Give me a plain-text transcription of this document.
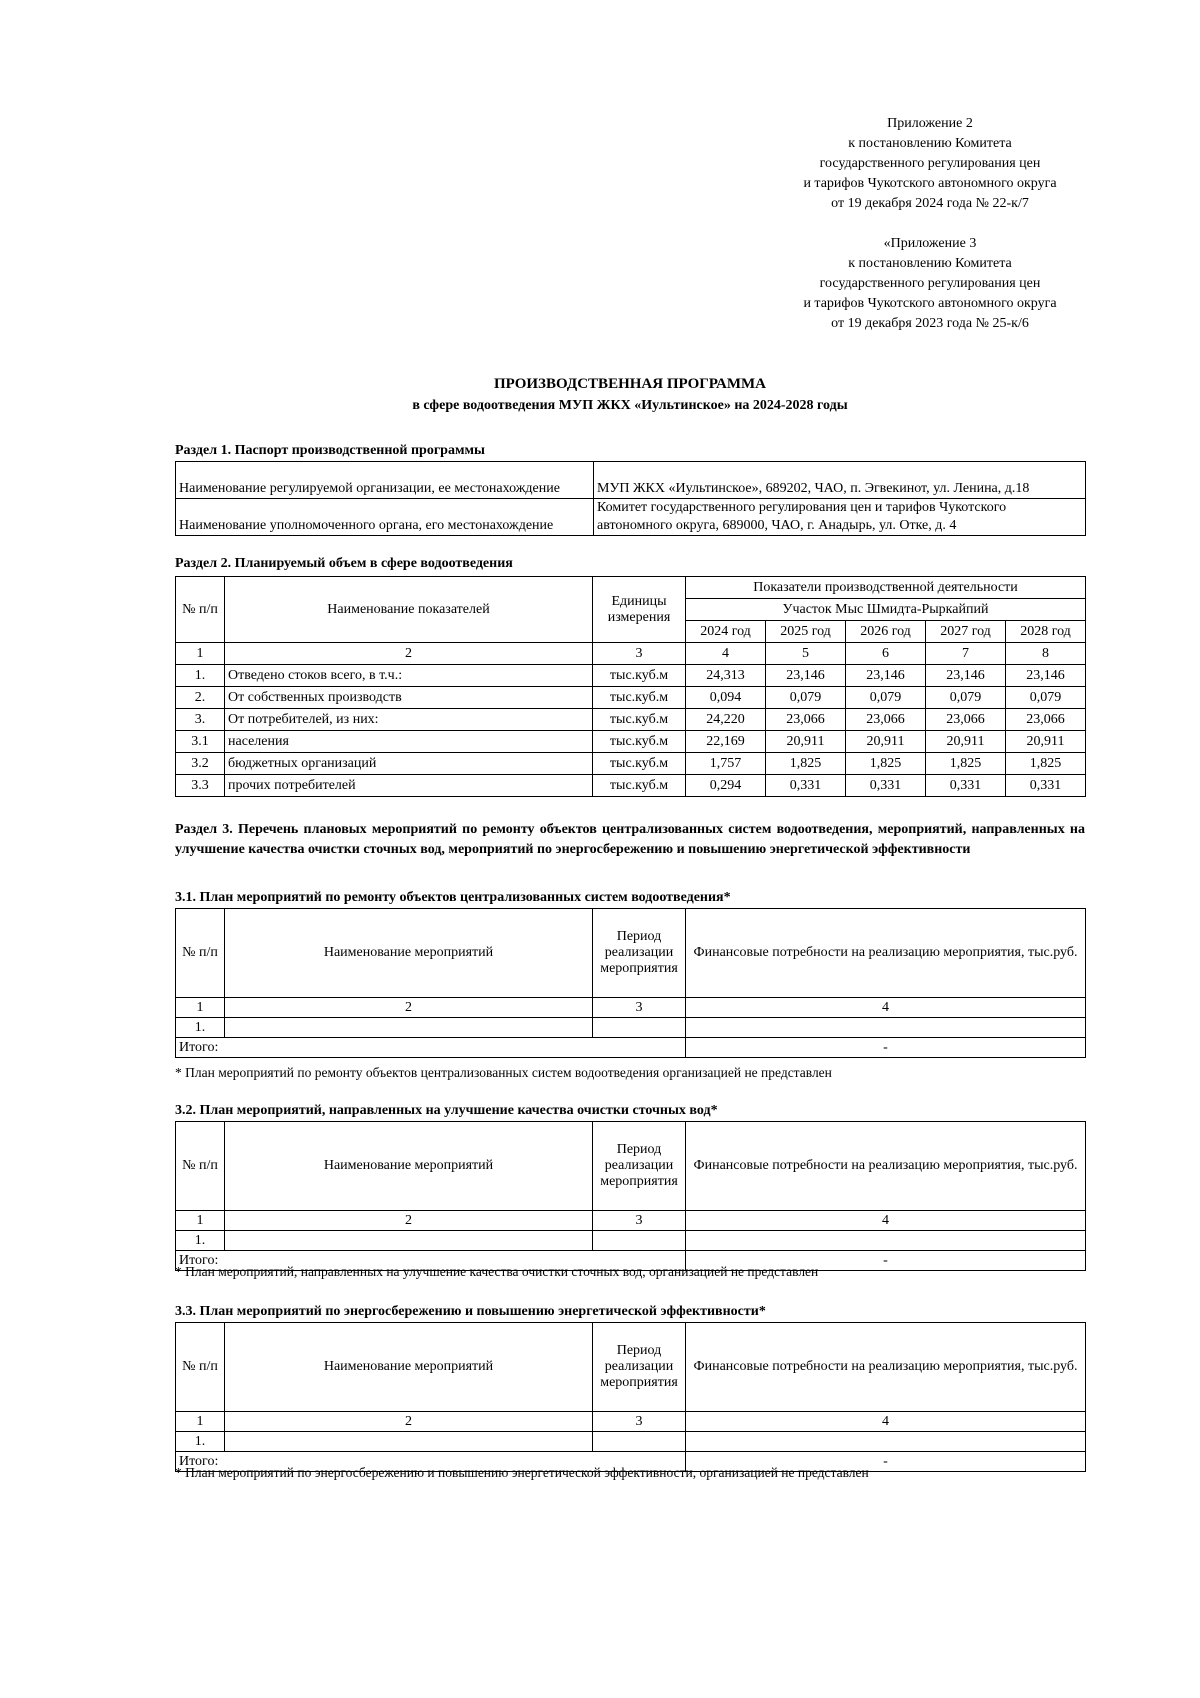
Приложение 2
к постановлению Комитета
государственного регулирования цен
и тарифов Чукотского автономного округа
от 19 декабря 2024 года № 22-к/7
«Приложение 3
к постановлению Комитета
государственного регулирования цен
и тарифов Чукотского автономного округа
от 19 декабря 2023 года № 25-к/6
ПРОИЗВОДСТВЕННАЯ ПРОГРАММА
в сфере водоотведения МУП ЖКХ «Иультинское» на 2024-2028 годы
Раздел 1. Паспорт производственной программы
Наименование регулируемой организации, ее местонахождение	МУП ЖКХ «Иультинское», 689202, ЧАО, п. Эгвекинот, ул. Ленина, д.18
Наименование уполномоченного органа, его местонахождение	Комитет государственного регулирования цен и тарифов Чукотского автономного округа, 689000, ЧАО, г. Анадырь, ул. Отке, д. 4
Раздел 2. Планируемый объем в сфере водоотведения
№ п/п	Наименование показателей	Единицы измерения	Показатели производственной деятельности				
			Участок Мыс Шмидта-Рыркайпий				
			2024 год	2025 год	2026 год	2027 год	2028 год
1	2	3	4	5	6	7	8
1.	Отведено стоков всего, в т.ч.:	тыс.куб.м	24,313	23,146	23,146	23,146	23,146
2.	От собственных производств	тыс.куб.м	0,094	0,079	0,079	0,079	0,079
3.	От потребителей, из них:	тыс.куб.м	24,220	23,066	23,066	23,066	23,066
3.1	населения	тыс.куб.м	22,169	20,911	20,911	20,911	20,911
3.2	бюджетных организаций	тыс.куб.м	1,757	1,825	1,825	1,825	1,825
3.3	прочих потребителей	тыс.куб.м	0,294	0,331	0,331	0,331	0,331
Раздел 3. Перечень плановых мероприятий по ремонту объектов централизованных систем водоотведения, мероприятий, направленных на улучшение качества очистки сточных вод, мероприятий по энергосбережению и повышению энергетической эффективности
3.1. План мероприятий по ремонту объектов централизованных систем водоотведения*
№ п/п	Наименование мероприятий	Период реализации мероприятия	Финансовые потребности на реализацию мероприятия, тыс.руб.
1	2	3	4
1.			
Итого:			-
* План мероприятий по ремонту объектов централизованных систем водоотведения организацией не представлен
3.2. План мероприятий, направленных на улучшение качества очистки сточных вод*
№ п/п	Наименование мероприятий	Период реализации мероприятия	Финансовые потребности на реализацию мероприятия, тыс.руб.
1	2	3	4
1.			
Итого:			-
* План мероприятий, направленных на улучшение качества очистки сточных вод, организацией не представлен
3.3. План мероприятий по энергосбережению и повышению энергетической эффективности*
№ п/п	Наименование мероприятий	Период реализации мероприятия	Финансовые потребности на реализацию мероприятия, тыс.руб.
1	2	3	4
1.			
Итого:			-
* План мероприятий по энергосбережению и повышению энергетической эффективности, организацией не представлен
